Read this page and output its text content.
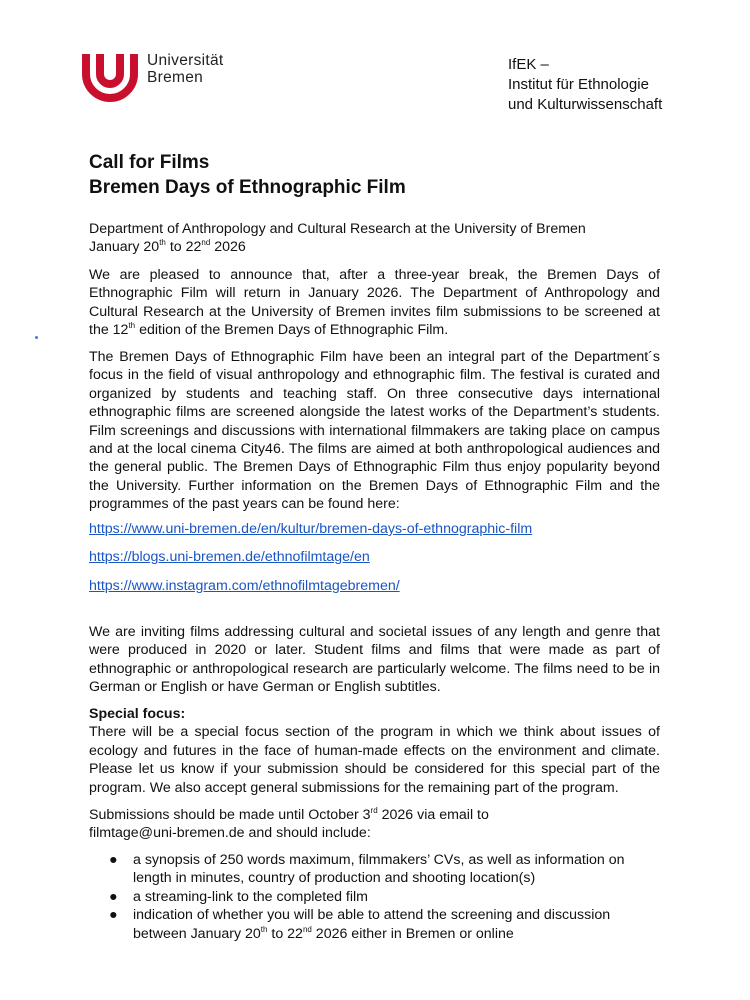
Universität
Bremen
IfEK –
Institut für Ethnologie
und Kulturwissenschaft
Call for Films
Bremen Days of Ethnographic Film
Department of Anthropology and Cultural Research at the University of Bremen
January 20th to 22nd 2026
We are pleased to announce that, after a three-year break, the Bremen Days of Ethnographic Film will return in January 2026. The Department of Anthropology and Cultural Research at the University of Bremen invites film submissions to be screened at the 12th edition of the Bremen Days of Ethnographic Film.
The Bremen Days of Ethnographic Film have been an integral part of the Department´s focus in the field of visual anthropology and ethnographic film. The festival is curated and organized by students and teaching staff. On three consecutive days international ethnographic films are screened alongside the latest works of the Department’s students. Film screenings and discussions with international filmmakers are taking place on campus and at the local cinema City46. The films are aimed at both anthropological audiences and the general public. The Bremen Days of Ethnographic Film thus enjoy popularity beyond the University. Further information on the Bremen Days of Ethnographic Film and the programmes of the past years can be found here:
https://www.uni-bremen.de/en/kultur/bremen-days-of-ethnographic-film
https://blogs.uni-bremen.de/ethnofilmtage/en
https://www.instagram.com/ethnofilmtagebremen/
We are inviting films addressing cultural and societal issues of any length and genre that were produced in 2020 or later. Student films and films that were made as part of ethnographic or anthropological research are particularly welcome. The films need to be in German or English or have German or English subtitles.
Special focus:
There will be a special focus section of the program in which we think about issues of ecology and futures in the face of human-made effects on the environment and climate. Please let us know if your submission should be considered for this special part of the program. We also accept general submissions for the remaining part of the program.
Submissions should be made until October 3rd 2026 via email to
filmtage@uni-bremen.de and should include:
● a synopsis of 250 words maximum, filmmakers’ CVs, as well as information on length in minutes, country of production and shooting location(s)
● a streaming-link to the completed film
● indication of whether you will be able to attend the screening and discussion between January 20th to 22nd 2026 either in Bremen or online
